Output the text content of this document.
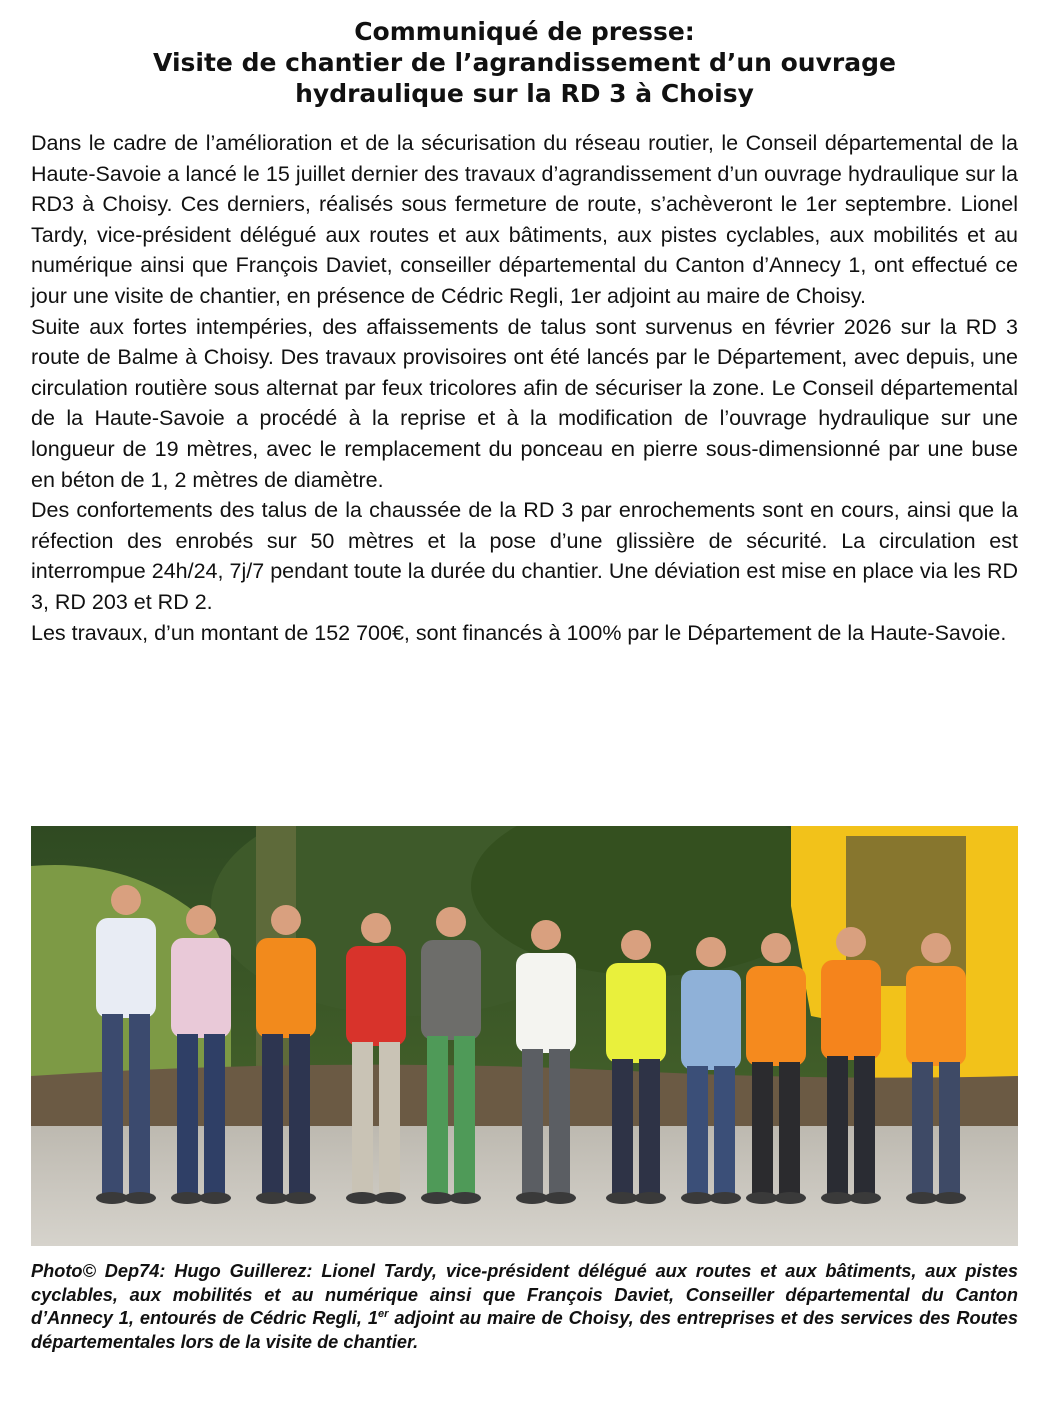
Communiqué de presse:
Visite de chantier de l’agrandissement d’un ouvrage
hydraulique sur la RD 3 à Choisy

Dans le cadre de l’amélioration et de la sécurisation du réseau routier, le Conseil départemental de la Haute-Savoie a lancé le 15 juillet dernier des travaux d’agrandissement d’un ouvrage hydraulique sur la RD3 à Choisy. Ces derniers, réalisés sous fermeture de route, s’achèveront le 1er septembre. Lionel Tardy, vice-président délégué aux routes et aux bâtiments, aux pistes cyclables, aux mobilités et au numérique ainsi que François Daviet, conseiller départemental du Canton d’Annecy 1, ont effectué ce jour une visite de chantier, en présence de Cédric Regli, 1er adjoint au maire de Choisy.

Suite aux fortes intempéries, des affaissements de talus sont survenus en février 2026 sur la RD 3 route de Balme à Choisy. Des travaux provisoires ont été lancés par le Département, avec depuis, une circulation routière sous alternat par feux tricolores afin de sécuriser la zone. Le Conseil départemental de la Haute-Savoie a procédé à la reprise et à la modification de l’ouvrage hydraulique sur une longueur de 19 mètres, avec le remplacement du ponceau en pierre sous-dimensionné par une buse en béton de 1, 2 mètres de diamètre.

Des confortements des talus de la chaussée de la RD 3 par enrochements sont en cours, ainsi que la réfection des enrobés sur 50 mètres et la pose d’une glissière de sécurité. La circulation est interrompue 24h/24, 7j/7 pendant toute la durée du chantier. Une déviation est mise en place via les RD 3, RD 203 et RD 2.

Les travaux, d’un montant de 152 700€, sont financés à 100% par le Département de la Haute-Savoie.

Photo© Dep74: Hugo Guillerez: Lionel Tardy, vice-président délégué aux routes et aux bâtiments, aux pistes cyclables, aux mobilités et au numérique ainsi que François Daviet, Conseiller départemental du Canton d’Annecy 1, entourés de Cédric Regli, 1er adjoint au maire de Choisy, des entreprises et des services des Routes départementales lors de la visite de chantier.
